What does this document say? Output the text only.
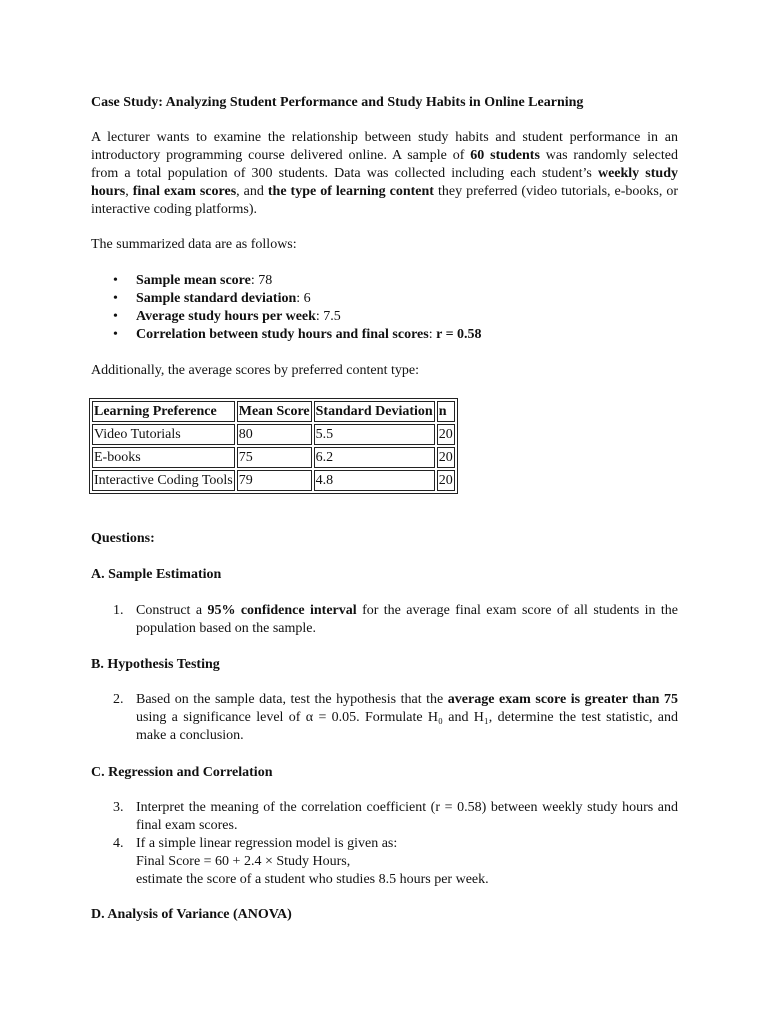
Case Study: Analyzing Student Performance and Study Habits in Online Learning

A lecturer wants to examine the relationship between study habits and student performance in an introductory programming course delivered online. A sample of 60 students was randomly selected from a total population of 300 students. Data was collected including each student’s weekly study hours, final exam scores, and the type of learning content they preferred (video tutorials, e-books, or interactive coding platforms).

The summarized data are as follows:

• Sample mean score: 78
• Sample standard deviation: 6
• Average study hours per week: 7.5
• Correlation between study hours and final scores: r = 0.58

Additionally, the average scores by preferred content type:

Learning Preference	Mean Score	Standard Deviation	n
Video Tutorials	80	5.5	20
E-books	75	6.2	20
Interactive Coding Tools	79	4.8	20
Questions:
A. Sample Estimation
1. Construct a 95% confidence interval for the average final exam score of all students in the population based on the sample.
B. Hypothesis Testing
2. Based on the sample data, test the hypothesis that the average exam score is greater than 75 using a significance level of α = 0.05. Formulate H₀ and H₁, determine the test statistic, and make a conclusion.
C. Regression and Correlation
3. Interpret the meaning of the correlation coefficient (r = 0.58) between weekly study hours and final exam scores.
4. If a simple linear regression model is given as:
Final Score = 60 + 2.4 × Study Hours,
estimate the score of a student who studies 8.5 hours per week.
D. Analysis of Variance (ANOVA)
